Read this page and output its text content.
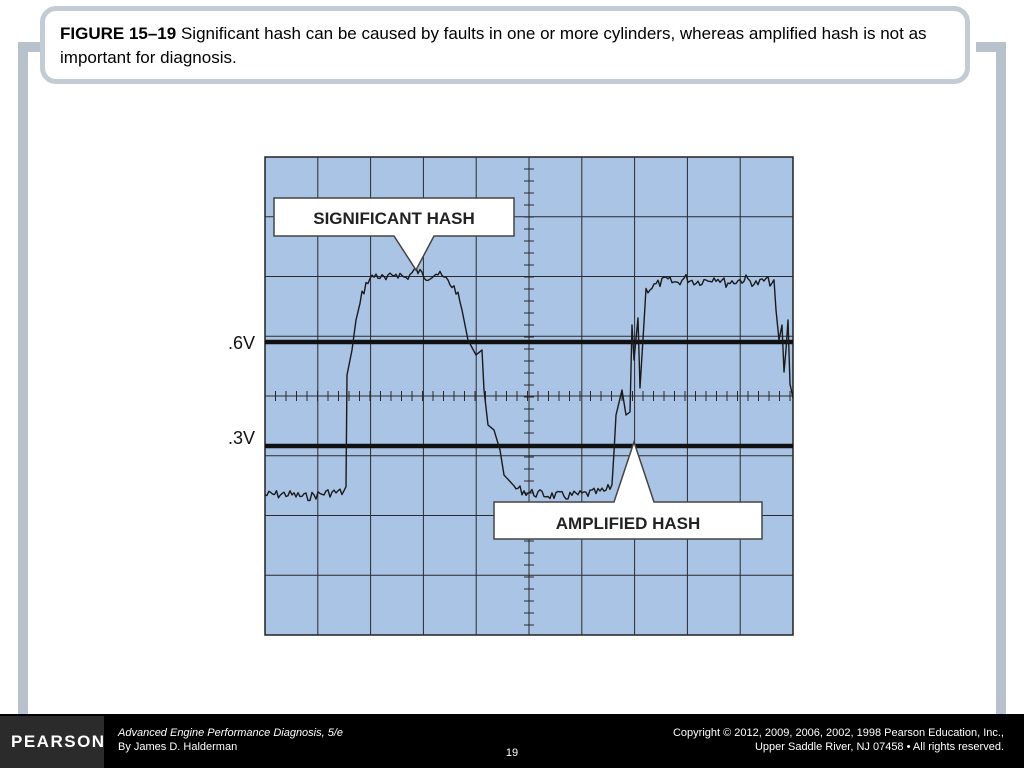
FIGURE 15–19 Significant hash can be caused by faults in one or more cylinders, whereas amplified hash is not as important for diagnosis.
.6V
.3V
SIGNIFICANT HASH
AMPLIFIED HASH
PEARSON Advanced Engine Performance Diagnosis, 5/e
By James D. Halderman
Copyright © 2012, 2009, 2006, 2002, 1998 Pearson Education, Inc.,
Upper Saddle River, NJ 07458 • All rights reserved.
19
